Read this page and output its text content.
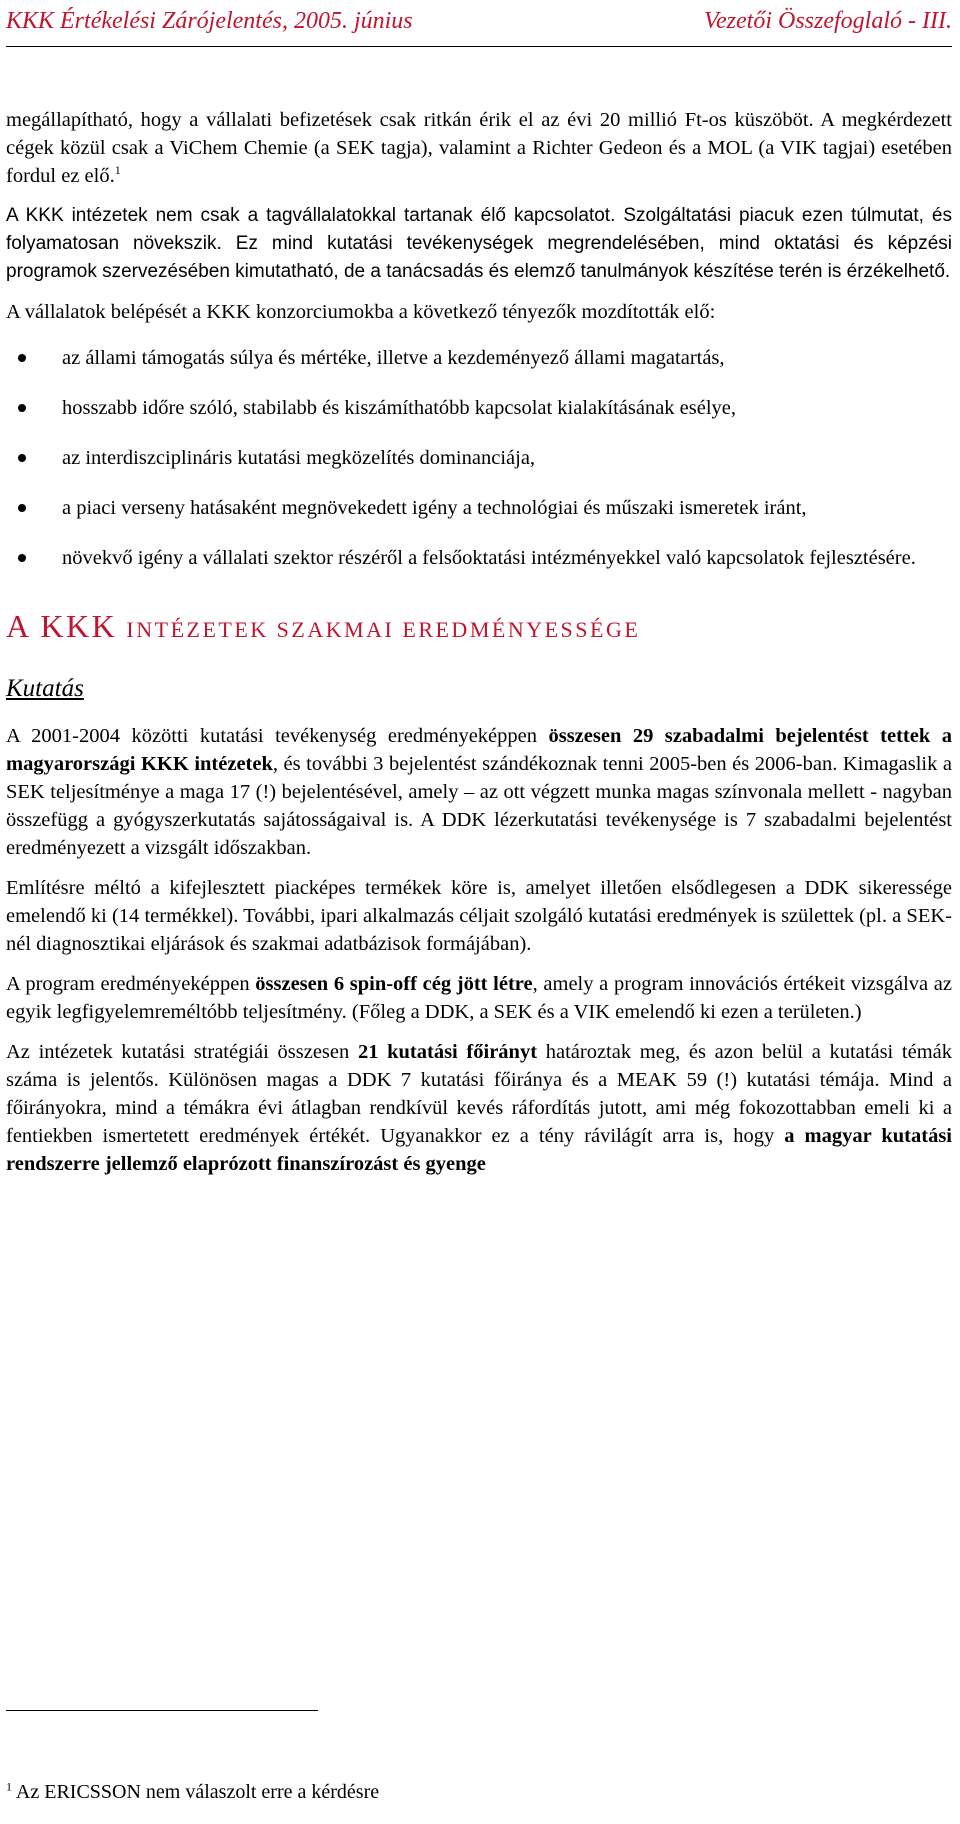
KKK Értékelési Zárójelentés, 2005. június	Vezetői Összefoglaló - III.

megállapítható, hogy a vállalati befizetések csak ritkán érik el az évi 20 millió Ft-os küszöböt. A megkérdezett cégek közül csak a ViChem Chemie (a SEK tagja), valamint a Richter Gedeon és a MOL (a VIK tagjai) esetében fordul ez elő.$^1$

A KKK intézetek nem csak a tagvállalatokkal tartanak élő kapcsolatot. Szolgáltatási piacuk ezen túlmutat, és folyamatosan növekszik. Ez mind kutatási tevékenységek megrendelésében, mind oktatási és képzési programok szervezésében kimutatható, de a tanácsadás és elemző tanulmányok készítése terén is érzékelhető.

A vállalatok belépését a KKK konzorciumokba a következő tényezők mozdították elő:

az állami támogatás súlya és mértéke, illetve a kezdeményező állami magatartás,
hosszabb időre szóló, stabilabb és kiszámíthatóbb kapcsolat kialakításának esélye,
az interdiszciplináris kutatási megközelítés dominanciája,
a piaci verseny hatásaként megnövekedett igény a technológiai és műszaki ismeretek iránt,
növekvő igény a vállalati szektor részéről a felsőoktatási intézményekkel való kapcsolatok fejlesztésére.
A KKK INTÉZETEK SZAKMAI EREDMÉNYESSÉGE
Kutatás

A 2001-2004 közötti kutatási tevékenység eredményeképpen összesen 29 szabadalmi bejelentést tettek a magyarországi KKK intézetek, és további 3 bejelentést szándékoznak tenni 2005-ben és 2006-ban. Kimagaslik a SEK teljesítménye a maga 17 (!) bejelentésével, amely – az ott végzett munka magas színvonala mellett - nagyban összefügg a gyógyszerkutatás sajátosságaival is. A DDK lézerkutatási tevékenysége is 7 szabadalmi bejelentést eredményezett a vizsgált időszakban.

Említésre méltó a kifejlesztett piacképes termékek köre is, amelyet illetően elsődlegesen a DDK sikeressége emelendő ki (14 termékkel). További, ipari alkalmazás céljait szolgáló kutatási eredmények is születtek (pl. a SEK-nél diagnosztikai eljárások és szakmai adatbázisok formájában).

A program eredményeképpen összesen 6 spin-off cég jött létre, amely a program innovációs értékeit vizsgálva az egyik legfigyelemreméltóbb teljesítmény. (Főleg a DDK, a SEK és a VIK emelendő ki ezen a területen.)

Az intézetek kutatási stratégiái összesen 21 kutatási főirányt határoztak meg, és azon belül a kutatási témák száma is jelentős. Különösen magas a DDK 7 kutatási főiránya és a MEAK 59 (!) kutatási témája. Mind a főirányokra, mind a témákra évi átlagban rendkívül kevés ráfordítás jutott, ami még fokozottabban emeli ki a fentiekben ismertetett eredmények értékét. Ugyanakkor ez a tény rávilágít arra is, hogy a magyar kutatási rendszerre jellemző elaprózott finanszírozást és gyenge

$^1$ Az ERICSSON nem válaszolt erre a kérdésre
